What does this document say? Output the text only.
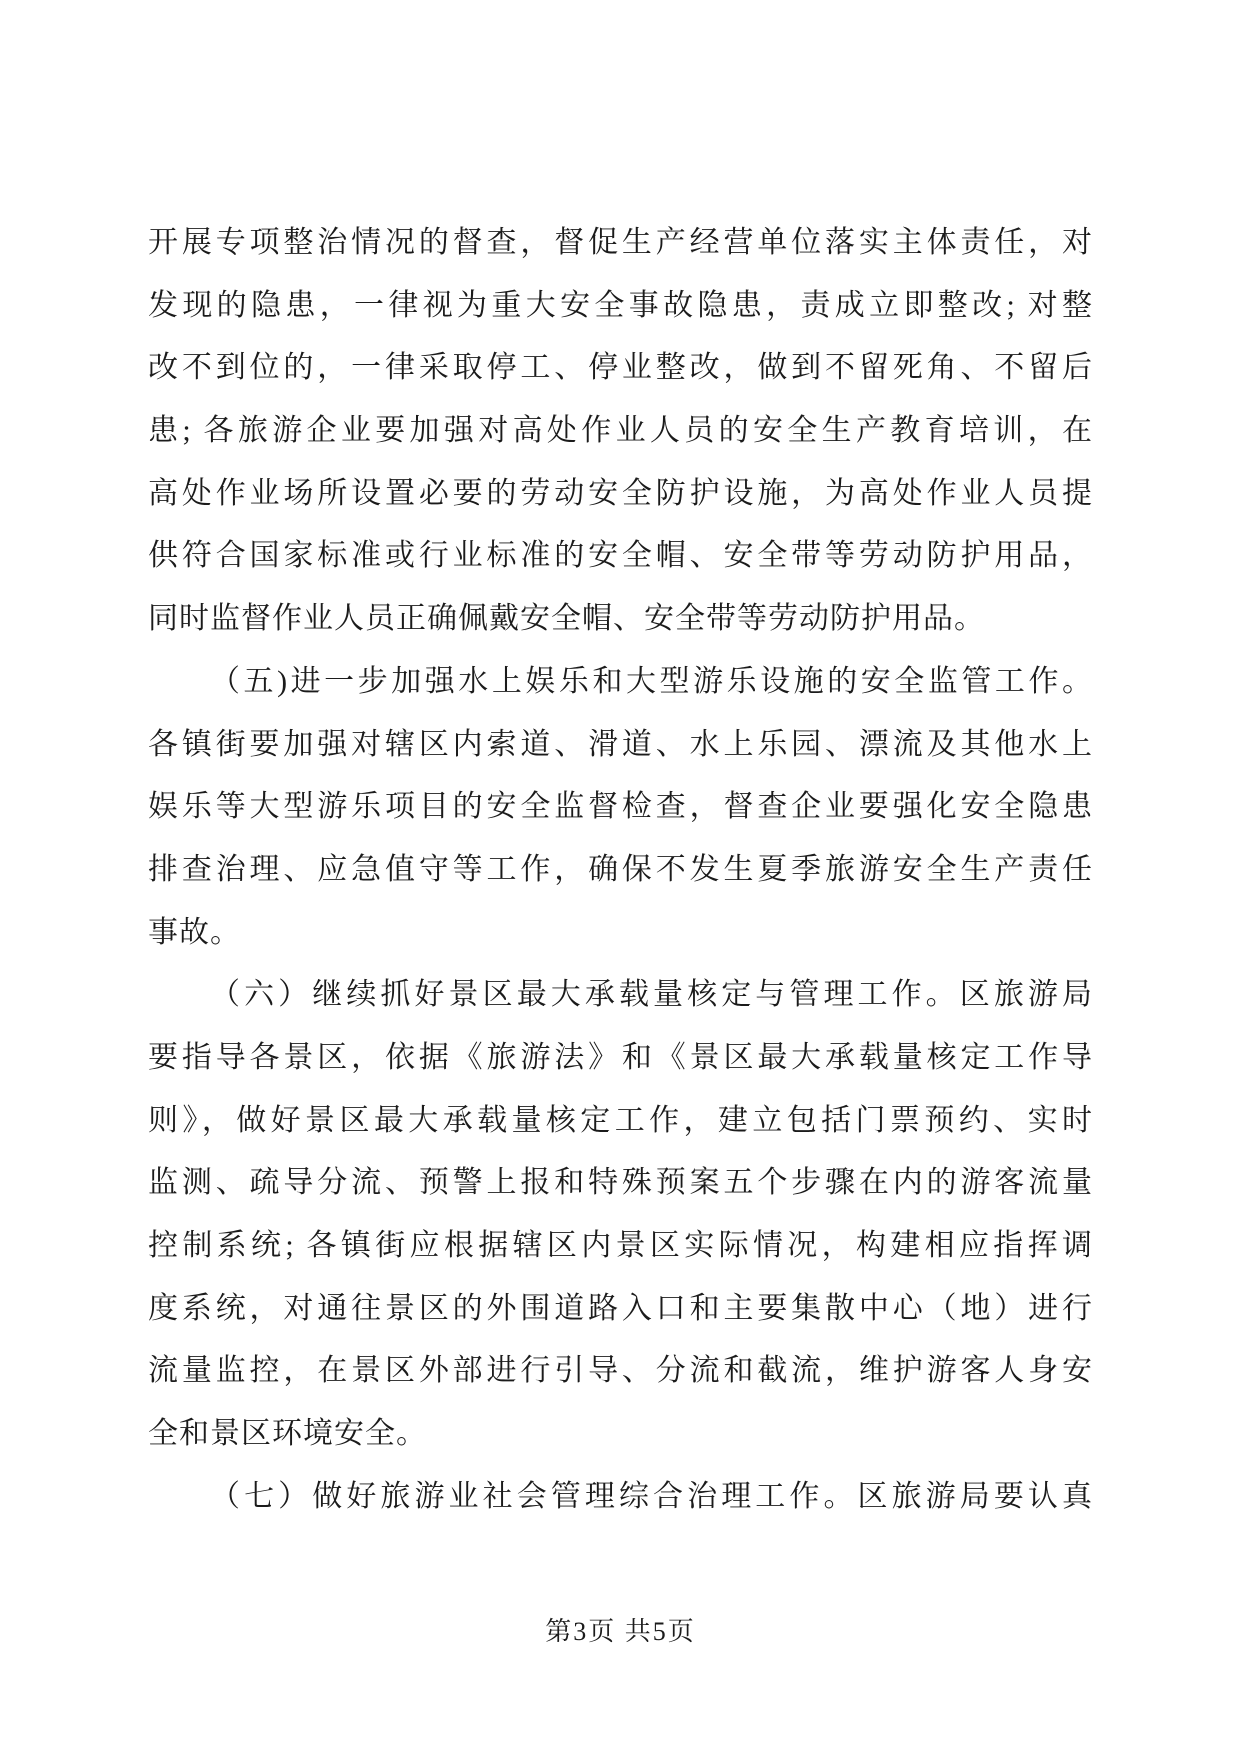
开展专项整治情况的督查，督促生产经营单位落实主体责任，对
发现的隐患，一律视为重大安全事故隐患，责成立即整改; 对整
改不到位的，一律采取停工、停业整改，做到不留死角、不留后
患; 各旅游企业要加强对高处作业人员的安全生产教育培训，在
高处作业场所设置必要的劳动安全防护设施，为高处作业人员提
供符合国家标准或行业标准的安全帽、安全带等劳动防护用品，
同时监督作业人员正确佩戴安全帽、安全带等劳动防护用品。
（五)进一步加强水上娱乐和大型游乐设施的安全监管工作。
各镇街要加强对辖区内索道、滑道、水上乐园、漂流及其他水上
娱乐等大型游乐项目的安全监督检查，督查企业要强化安全隐患
排查治理、应急值守等工作，确保不发生夏季旅游安全生产责任
事故。
（六）继续抓好景区最大承载量核定与管理工作。区旅游局
要指导各景区，依据《旅游法》和《景区最大承载量核定工作导
则》，做好景区最大承载量核定工作，建立包括门票预约、实时
监测、疏导分流、预警上报和特殊预案五个步骤在内的游客流量
控制系统; 各镇街应根据辖区内景区实际情况，构建相应指挥调
度系统，对通往景区的外围道路入口和主要集散中心（地）进行
流量监控，在景区外部进行引导、分流和截流，维护游客人身安
全和景区环境安全。
（七）做好旅游业社会管理综合治理工作。区旅游局要认真
第3页 共5页
